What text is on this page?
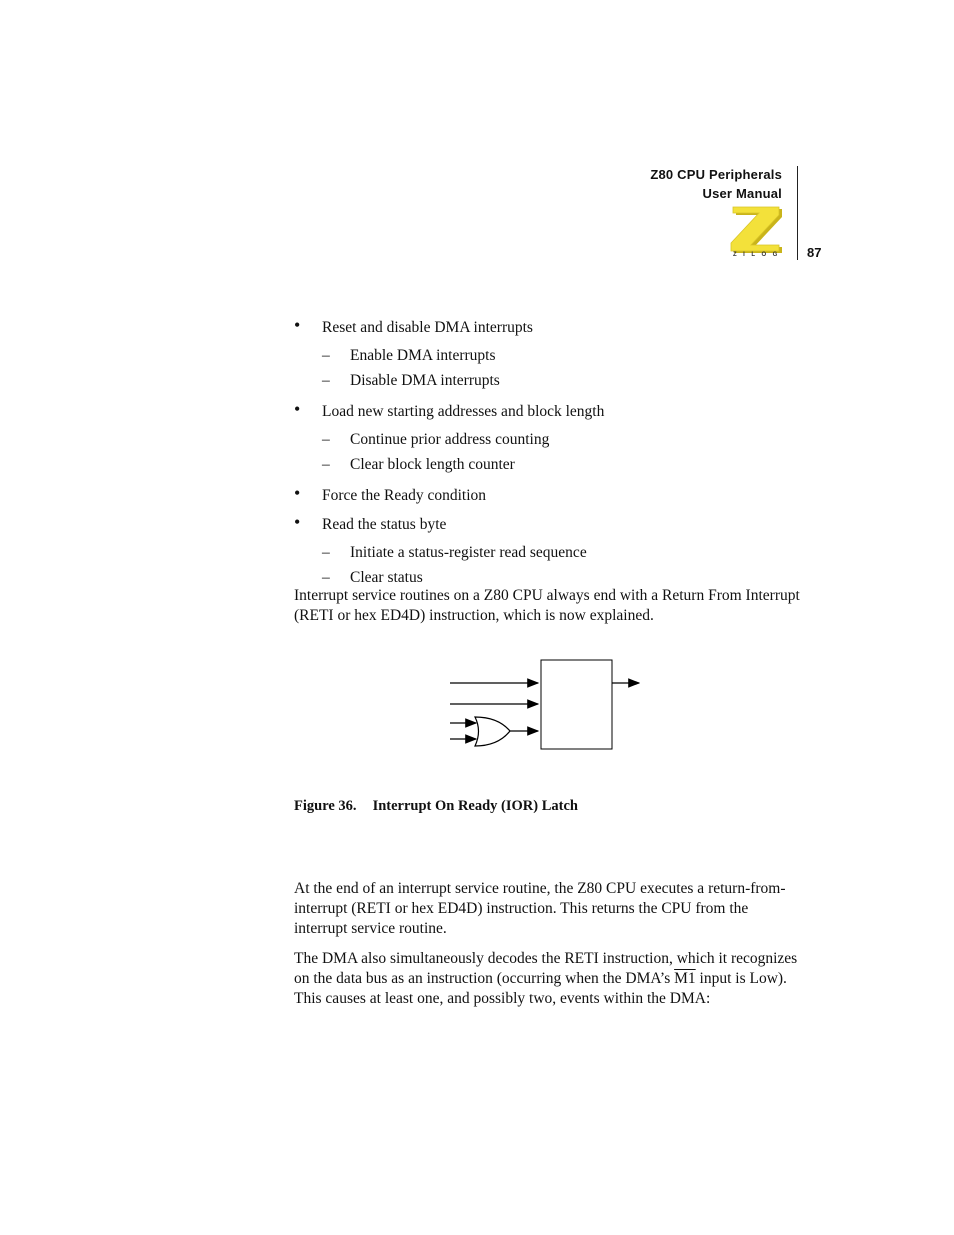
Z80 CPU Peripherals
User Manual
ZILOG 87
• Reset and disable DMA interrupts
– Enable DMA interrupts
– Disable DMA interrupts
• Load new starting addresses and block length
– Continue prior address counting
– Clear block length counter
• Force the Ready condition
• Read the status byte
– Initiate a status-register read sequence
– Clear status

Interrupt service routines on a Z80 CPU always end with a Return From Interrupt (RETI or hex ED4D) instruction, which is now explained.

Figure 36. Interrupt On Ready (IOR) Latch

At the end of an interrupt service routine, the Z80 CPU executes a return-from-interrupt (RETI or hex ED4D) instruction. This returns the CPU from the interrupt service routine.

The DMA also simultaneously decodes the RETI instruction, which it recognizes on the data bus as an instruction (occurring when the DMA’s M1 input is Low). This causes at least one, and possibly two, events within the DMA:
